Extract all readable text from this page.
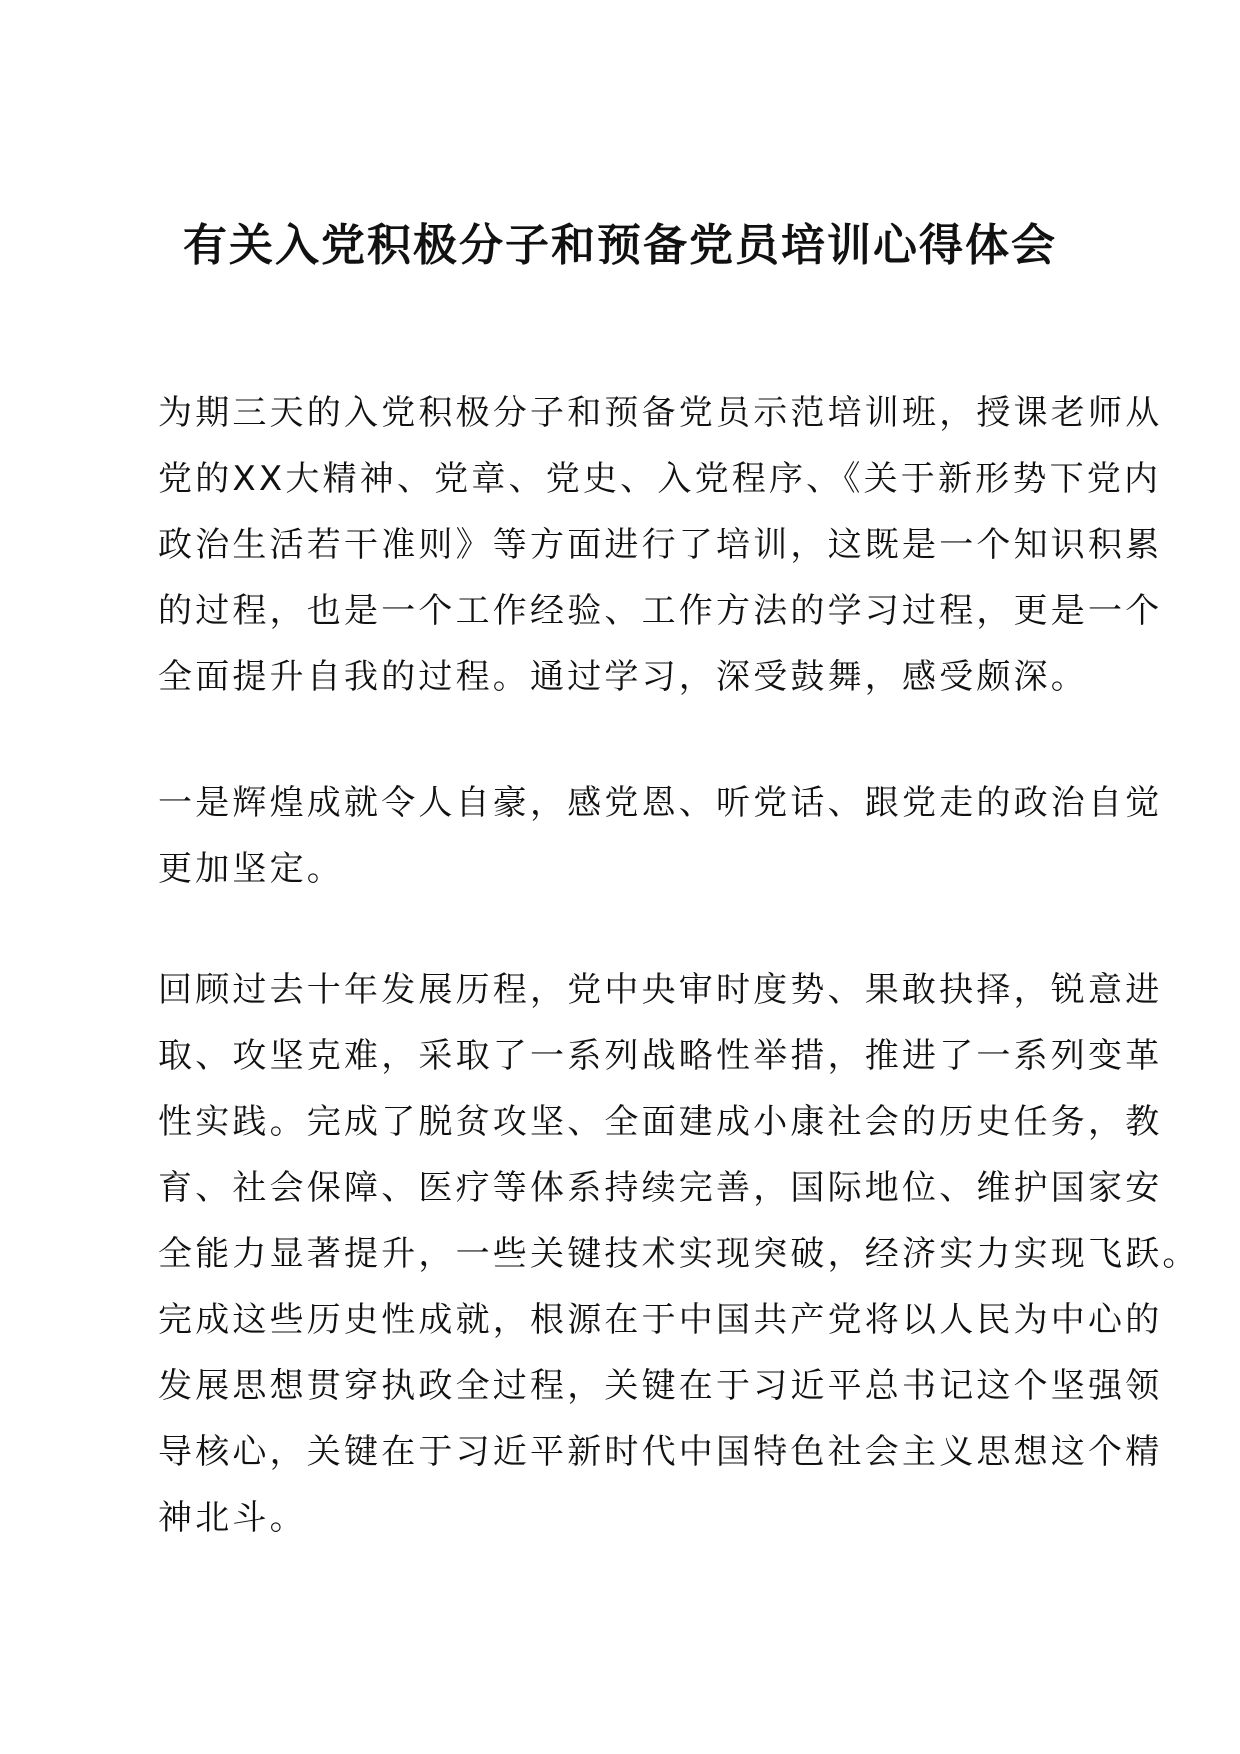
有关入党积极分子和预备党员培训心得体会

为期三天的入党积极分子和预备党员示范培训班，授课老师从
党的XX大精神、党章、党史、入党程序、《关于新形势下党内
政治生活若干准则》等方面进行了培训，这既是一个知识积累
的过程，也是一个工作经验、工作方法的学习过程，更是一个
全面提升自我的过程。通过学习，深受鼓舞，感受颇深。

一是辉煌成就令人自豪，感党恩、听党话、跟党走的政治自觉
更加坚定。

回顾过去十年发展历程，党中央审时度势、果敢抉择，锐意进
取、攻坚克难，采取了一系列战略性举措，推进了一系列变革
性实践。完成了脱贫攻坚、全面建成小康社会的历史任务，教
育、社会保障、医疗等体系持续完善，国际地位、维护国家安
全能力显著提升，一些关键技术实现突破，经济实力实现飞跃。
完成这些历史性成就，根源在于中国共产党将以人民为中心的
发展思想贯穿执政全过程，关键在于习近平总书记这个坚强领
导核心，关键在于习近平新时代中国特色社会主义思想这个精
神北斗。
